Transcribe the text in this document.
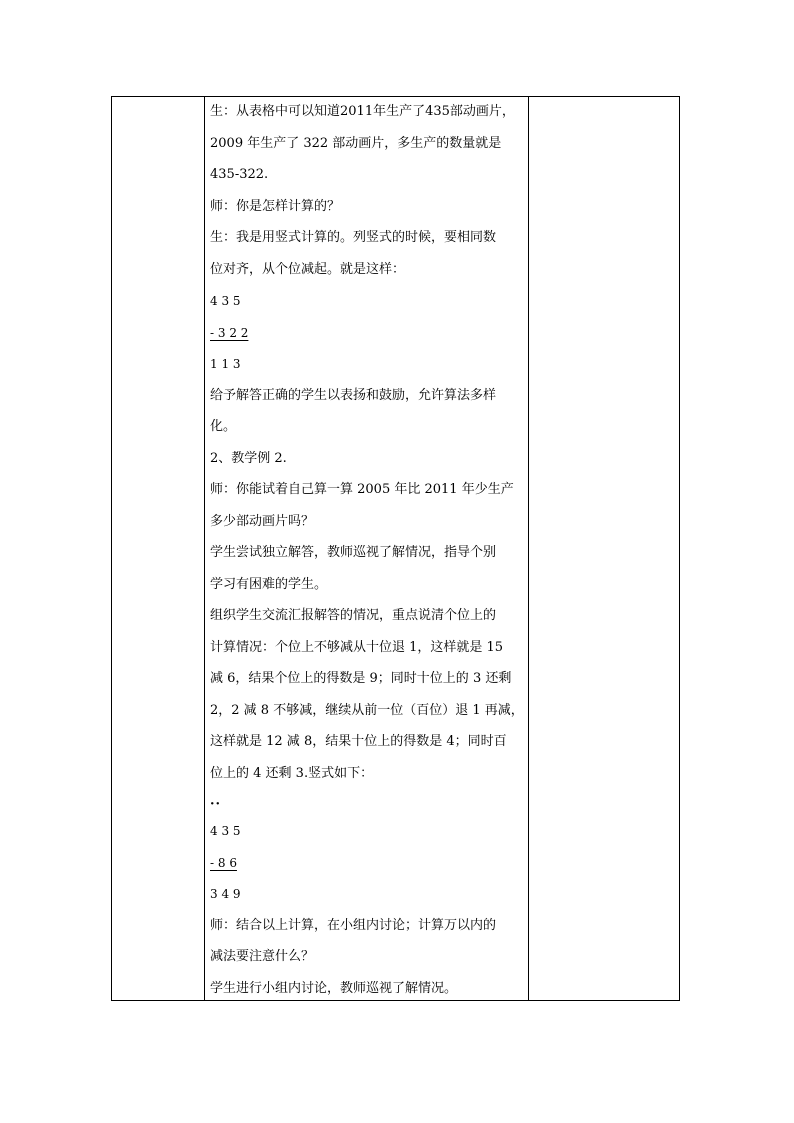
生：从表格中可以知道2011年生产了435部动画片，
2009 年生产了 322 部动画片，多生产的数量就是
435-322.
师：你是怎样计算的？
生：我是用竖式计算的。列竖式的时候，要相同数
位对齐，从个位减起。就是这样：
4 3 5
- 3 2 2
1 1 3
给予解答正确的学生以表扬和鼓励，允许算法多样
化。
2、教学例 2.
师：你能试着自己算一算 2005 年比 2011 年少生产
多少部动画片吗？
学生尝试独立解答，教师巡视了解情况，指导个别
学习有困难的学生。
组织学生交流汇报解答的情况，重点说清个位上的
计算情况：个位上不够减从十位退 1，这样就是 15
减 6，结果个位上的得数是 9；同时十位上的 3 还剩
2，2 减 8 不够减，继续从前一位（百位）退 1 再减，
这样就是 12 减 8，结果十位上的得数是 4；同时百
位上的 4 还剩 3.竖式如下：
··
4 3 5
- 8 6
3 4 9
师：结合以上计算，在小组内讨论；计算万以内的
减法要注意什么？
学生进行小组内讨论，教师巡视了解情况。
